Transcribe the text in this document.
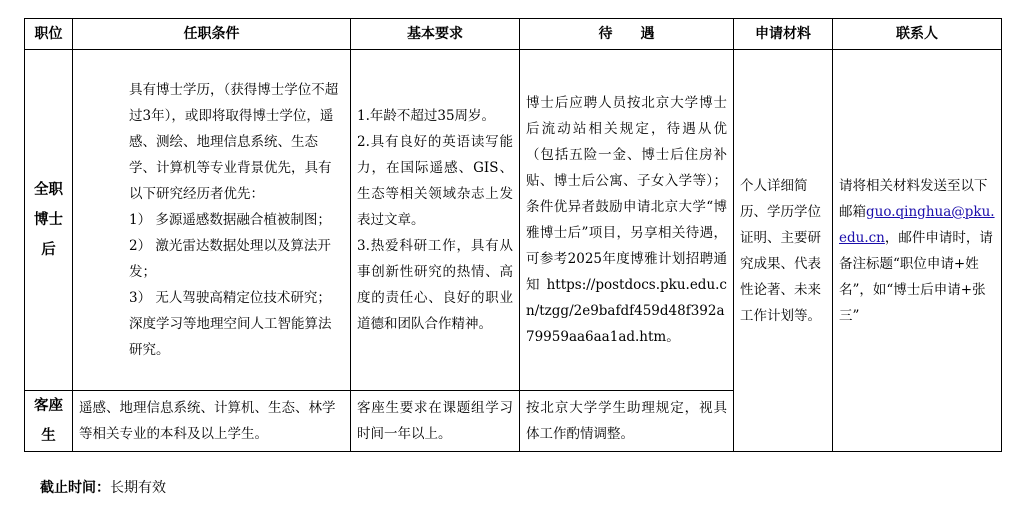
职位	任职条件	基本要求	待　　遇	申请材料	联系人

全职
博士
后	具有博士学历，（获得博士学位不超过3年），或即将取得博士学位，遥感、测绘、地理信息系统、生态学、计算机等专业背景优先，具有以下研究经历者优先：
1） 多源遥感数据融合植被制图；
2） 激光雷达数据处理以及算法开发；
3） 无人驾驶高精定位技术研究；
深度学习等地理空间人工智能算法研究。	1.年龄不超过35周岁。
2.具有良好的英语读写能力，在国际遥感、GIS、生态等相关领域杂志上发表过文章。
3.热爱科研工作，具有从事创新性研究的热情、高度的责任心、良好的职业道德和团队合作精神。	博士后应聘人员按北京大学博士后流动站相关规定，待遇从优（包括五险一金、博士后住房补贴、博士后公寓、子女入学等）；条件优异者鼓励申请北京大学“博雅博士后”项目，另享相关待遇，可参考2025年度博雅计划招聘通知https://postdocs.pku.edu.cn/tzgg/2e9bafdf459d48f392a79959aa6aa1ad.htm。	个人详细简历、学历学位证明、主要研究成果、代表性论著、未来工作计划等。	请将相关材料发送至以下邮箱guo.qinghua@pku.edu.cn，邮件申请时，请备注标题“职位申请+姓名”，如“博士后申请+张三”

客座
生	遥感、地理信息系统、计算机、生态、林学等相关专业的本科及以上学生。	客座生要求在课题组学习时间一年以上。	按北京大学学生助理规定，视具体工作酌情调整。		
截止时间：长期有效
